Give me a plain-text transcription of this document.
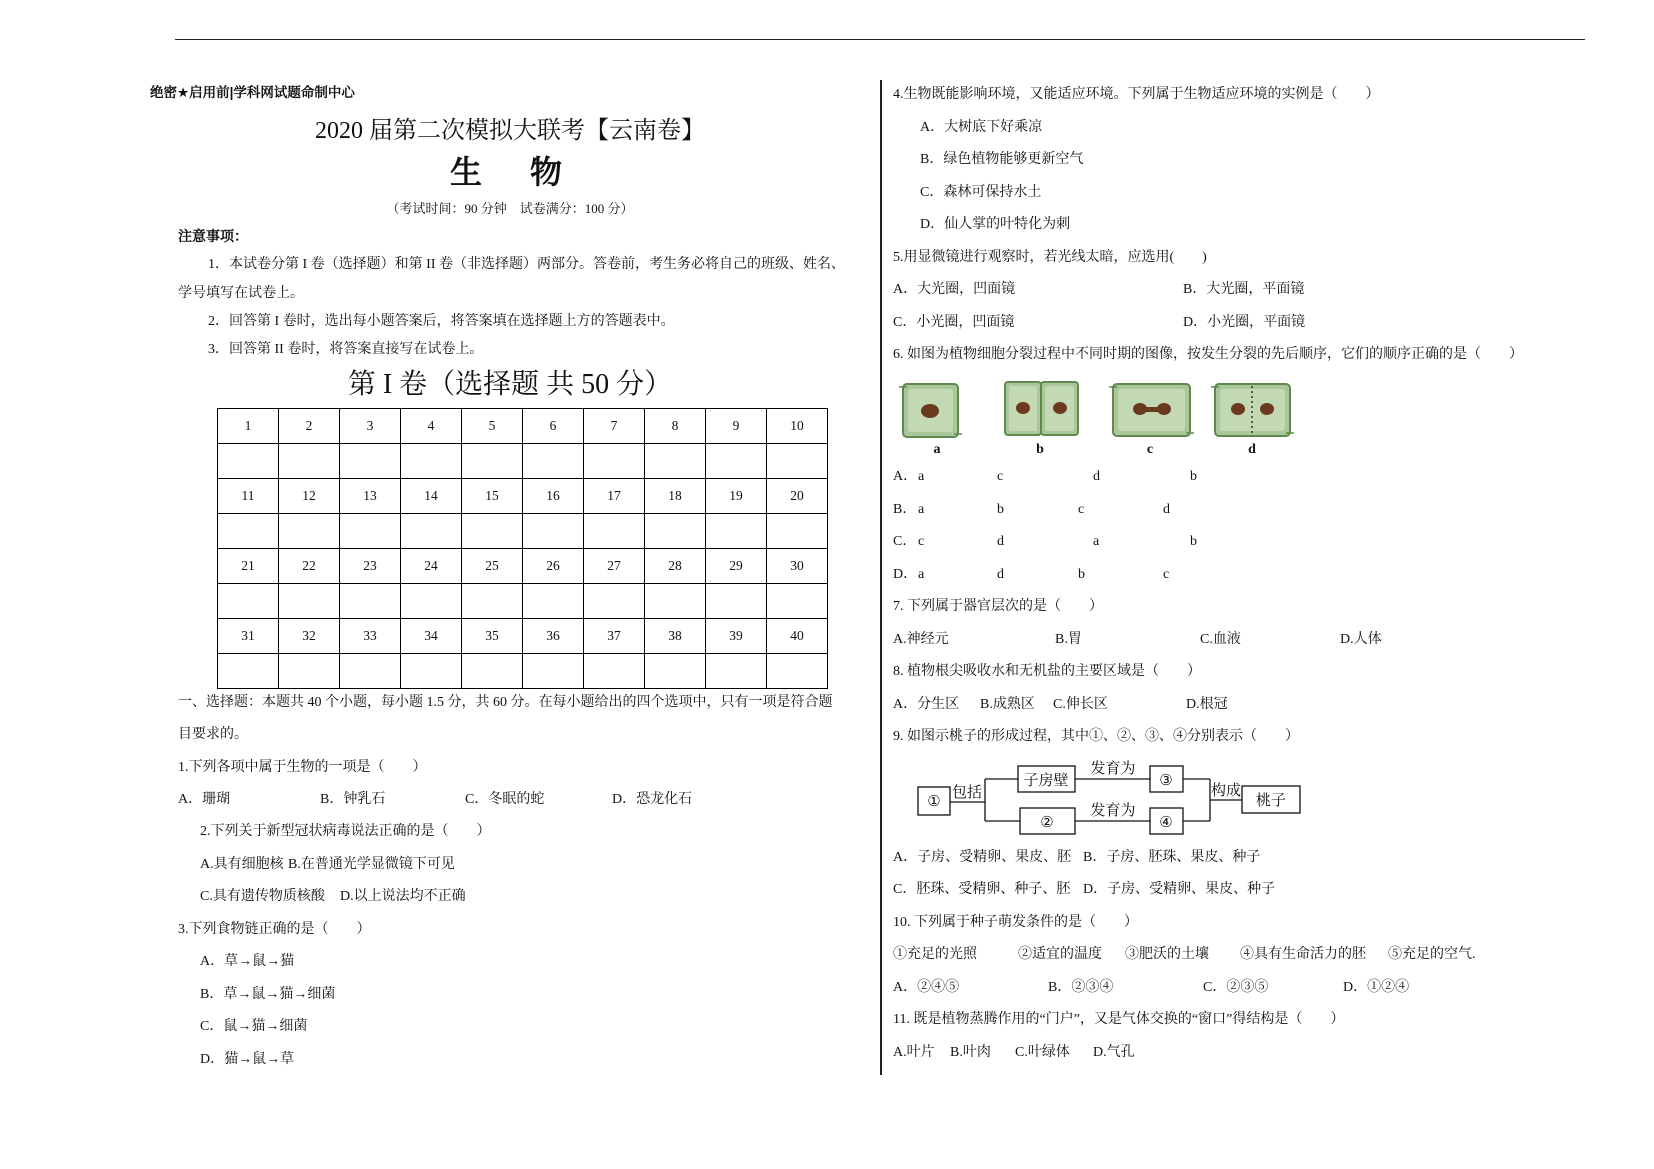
绝密★启用前|学科网试题命制中心
2020 届第二次模拟大联考【云南卷】
生　物
（考试时间：90 分钟　试卷满分：100 分）
注意事项：
1．本试卷分第 I 卷（选择题）和第 II 卷（非选择题）两部分。答卷前，考生务必将自己的班级、姓名、
学号填写在试卷上。
2．回答第 I 卷时，选出每小题答案后，将答案填在选择题上方的答题表中。
3．回答第 II 卷时，将答案直接写在试卷上。
第 I 卷（选择题 共 50 分）
1	2	3	4	5	6	7	8	9	10

11	12	13	14	15	16	17	18	19	20

21	22	23	24	25	26	27	28	29	30

31	32	33	34	35	36	37	38	39	40

一、选择题：本题共 40 个小题，每小题 1.5 分，共 60 分。在每小题给出的四个选项中，只有一项是符合题
目要求的。
1.下列各项中属于生物的一项是（　　）
A．珊瑚	B．钟乳石	C．冬眠的蛇	D．恐龙化石
2.下列关于新型冠状病毒说法正确的是（　　）
A.具有细胞核 B.在普通光学显微镜下可见
C.具有遗传物质核酸 D.以上说法均不正确
3.下列食物链正确的是（　　）
A．草→鼠→猫
B．草→鼠→猫→细菌
C．鼠→猫→细菌
D．猫→鼠→草
4.生物既能影响环境，又能适应环境。下列属于生物适应环境的实例是（　　）
A．大树底下好乘凉
B．绿色植物能够更新空气
C．森林可保持水土
D．仙人掌的叶特化为刺
5.用显微镜进行观察时，若光线太暗，应选用(　　)
A．大光圈，凹面镜	B．大光圈，平面镜
C．小光圈，凹面镜	D．小光圈，平面镜
6. 如图为植物细胞分裂过程中不同时期的图像，按发生分裂的先后顺序，它们的顺序正确的是（　　）
a	b	c	d
A． a	c	d	b
B． a	b	c	d
C． c	d	a	b
D． a	d	b	c
7. 下列属于器官层次的是（　　）
A.神经元	B.胃	C.血液	D.人体
8. 植物根尖吸收水和无机盐的主要区域是（　　）
A．分生区 B.成熟区 C.伸长区	D.根冠
9. 如图示桃子的形成过程，其中①、②、③、④分别表示（　　）
①
包括
子房壁
发育为
③
②
发育为
④
构成
桃子
A．子房、受精卵、果皮、胚 B．子房、胚珠、果皮、种子
C．胚珠、受精卵、种子、胚 D．子房、受精卵、果皮、种子
10. 下列属于种子萌发条件的是（　　）
①充足的光照	②适宜的温度 ③肥沃的土壤 ④具有生命活力的胚 ⑤充足的空气.
A．②④⑤	B．②③④	C．②③⑤	D．①②④
11. 既是植物蒸腾作用的“门户”，又是气体交换的“窗口”得结构是（　　）
A.叶片 B.叶肉 C.叶绿体 D.气孔
